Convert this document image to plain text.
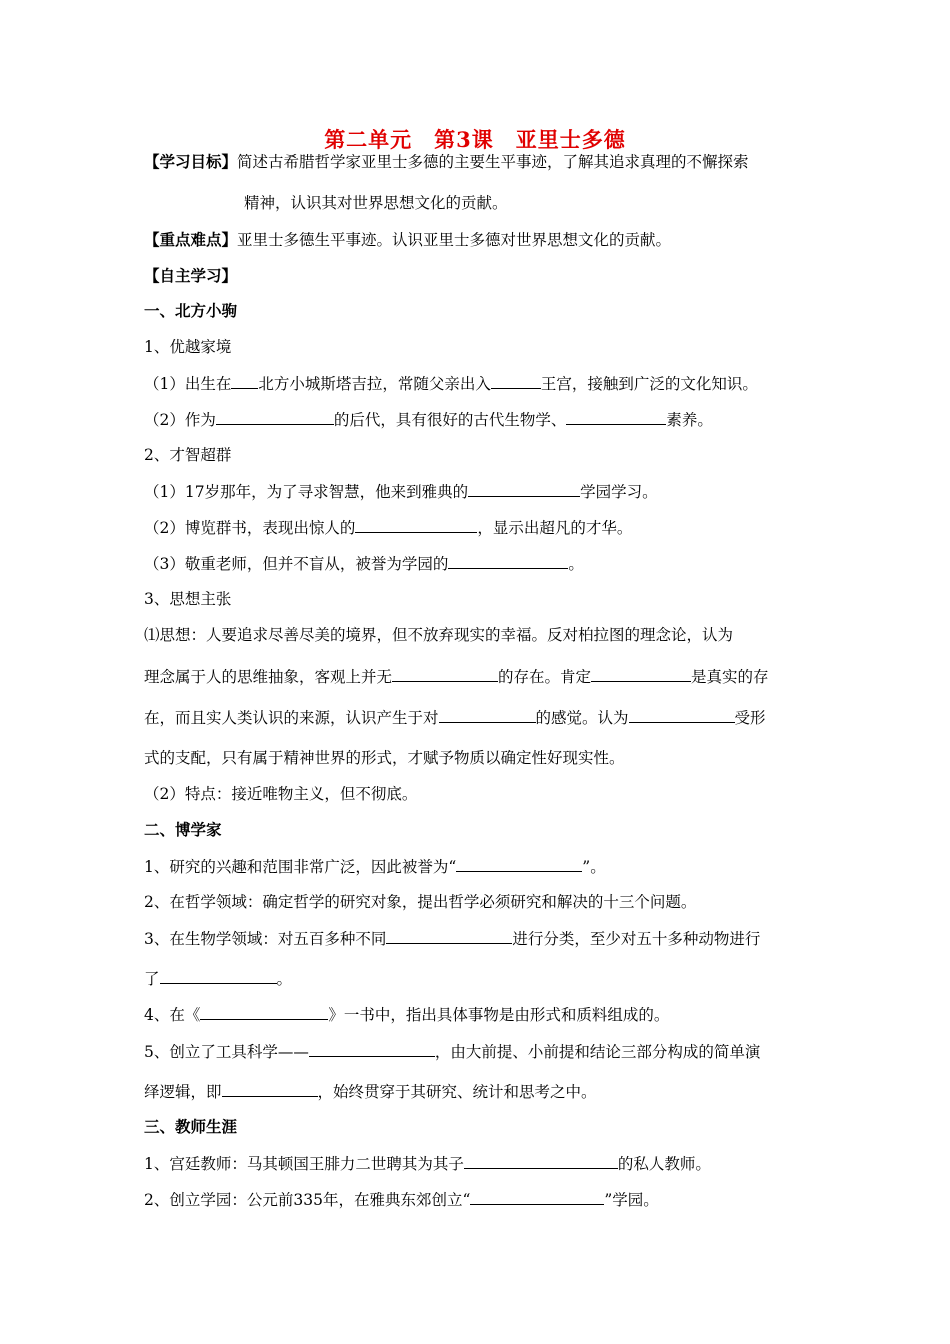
第二单元　第3课　亚里士多德
【学习目标】简述古希腊哲学家亚里士多德的主要生平事迹，了解其追求真理的不懈探索
精神，认识其对世界思想文化的贡献。
【重点难点】亚里士多德生平事迹。认识亚里士多德对世界思想文化的贡献。
【自主学习】
一、北方小驹
1、优越家境
（1）出生在 北方小城斯塔吉拉，常随父亲出入	王宫，接触到广泛的文化知识。
（2）作为	的后代，具有很好的古代生物学、	素养。
2、才智超群
（1）17岁那年，为了寻求智慧，他来到雅典的	学园学习。
（2）博览群书，表现出惊人的	，显示出超凡的才华。
（3）敬重老师，但并不盲从，被誉为学园的	。
3、思想主张
⑴思想：人要追求尽善尽美的境界，但不放弃现实的幸福。反对柏拉图的理念论，认为
理念属于人的思维抽象，客观上并无	的存在。肯定	是真实的存
在，而且实人类认识的来源，认识产生于对	的感觉。认为	受形
式的支配，只有属于精神世界的形式，才赋予物质以确定性好现实性。
（2）特点：接近唯物主义，但不彻底。
二、博学家
1、研究的兴趣和范围非常广泛，因此被誉为“	”。
2、在哲学领域：确定哲学的研究对象，提出哲学必须研究和解决的十三个问题。
3、在生物学领域：对五百多种不同	进行分类，至少对五十多种动物进行
了	。
4、在《	》一书中，指出具体事物是由形式和质料组成的。
5、创立了工具科学——	，由大前提、小前提和结论三部分构成的简单演
绎逻辑，即	，始终贯穿于其研究、统计和思考之中。
三、教师生涯
1、宫廷教师：马其顿国王腓力二世聘其为其子	的私人教师。
2、创立学园：公元前335年，在雅典东郊创立“	”学园。
